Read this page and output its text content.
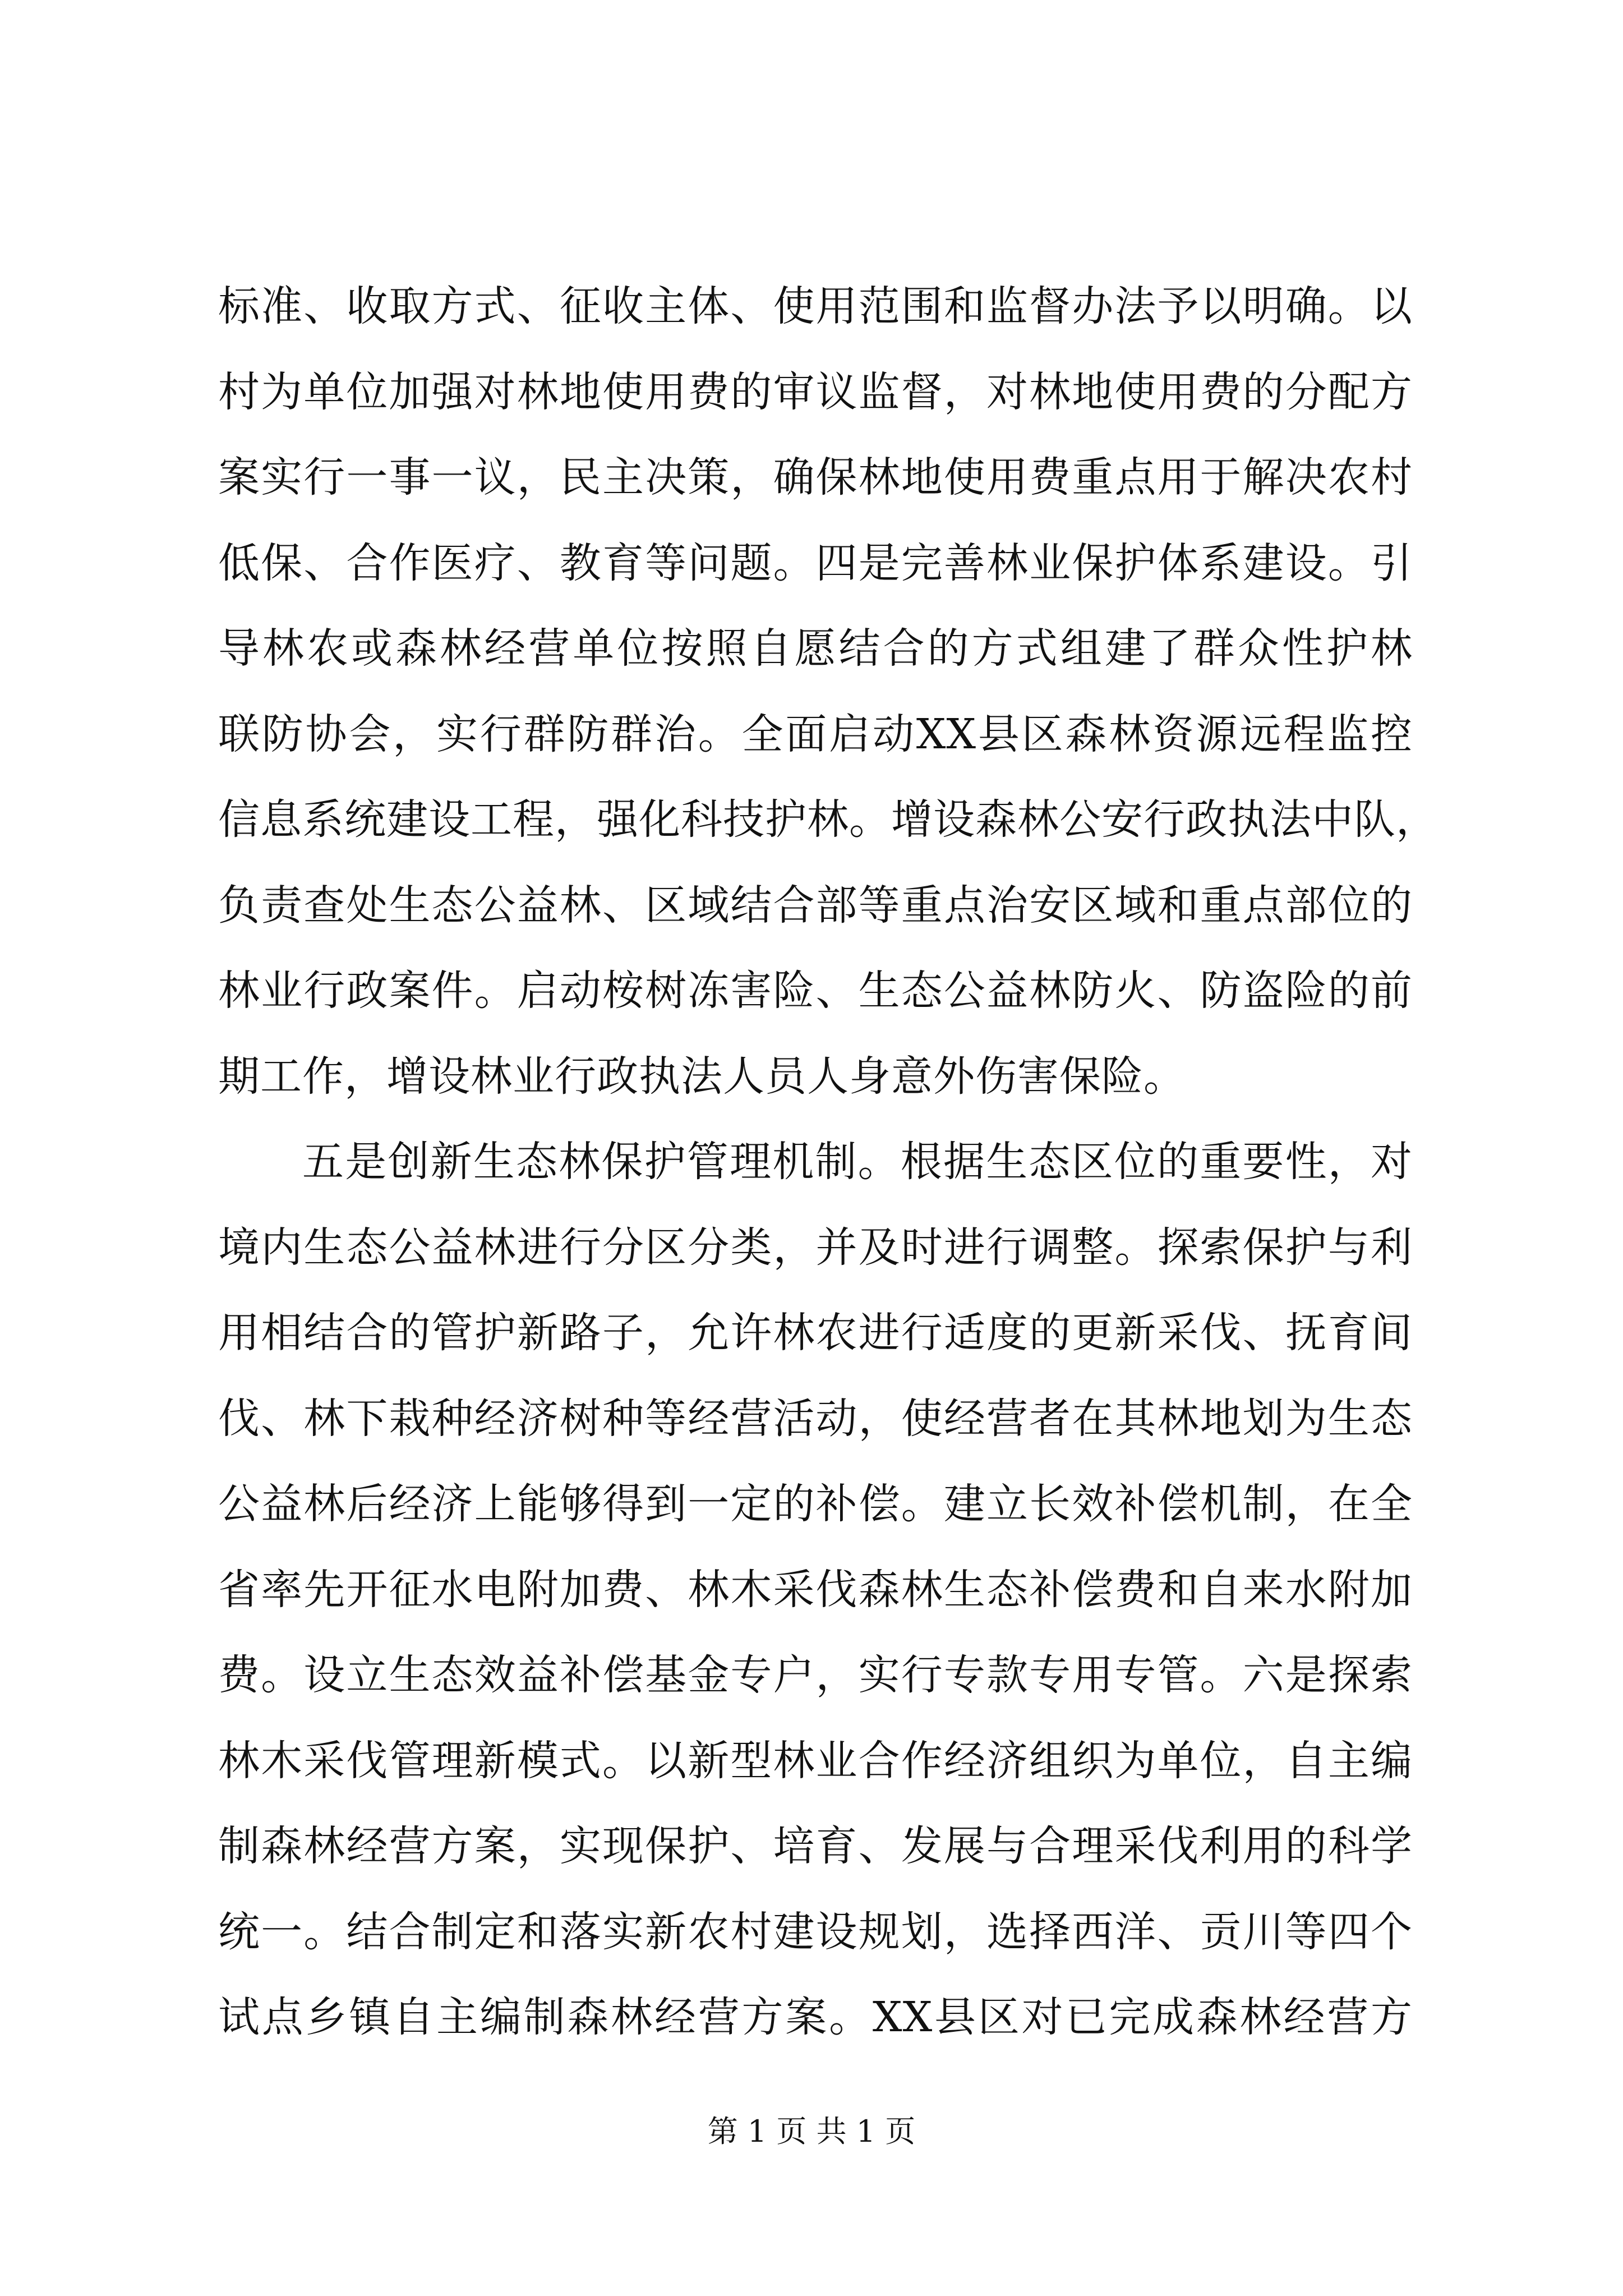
标准、收取方式、征收主体、使用范围和监督办法予以明确。以
村为单位加强对林地使用费的审议监督，对林地使用费的分配方
案实行一事一议，民主决策，确保林地使用费重点用于解决农村
低保、合作医疗、教育等问题。四是完善林业保护体系建设。引
导林农或森林经营单位按照自愿结合的方式组建了群众性护林
联防协会，实行群防群治。全面启动XX县区森林资源远程监控
信息系统建设工程，强化科技护林。增设森林公安行政执法中队，
负责查处生态公益林、区域结合部等重点治安区域和重点部位的
林业行政案件。启动桉树冻害险、生态公益林防火、防盗险的前
期工作，增设林业行政执法人员人身意外伤害保险。
五是创新生态林保护管理机制。根据生态区位的重要性，对
境内生态公益林进行分区分类，并及时进行调整。探索保护与利
用相结合的管护新路子，允许林农进行适度的更新采伐、抚育间
伐、林下栽种经济树种等经营活动，使经营者在其林地划为生态
公益林后经济上能够得到一定的补偿。建立长效补偿机制，在全
省率先开征水电附加费、林木采伐森林生态补偿费和自来水附加
费。设立生态效益补偿基金专户，实行专款专用专管。六是探索
林木采伐管理新模式。以新型林业合作经济组织为单位，自主编
制森林经营方案，实现保护、培育、发展与合理采伐利用的科学
统一。结合制定和落实新农村建设规划，选择西洋、贡川等四个
试点乡镇自主编制森林经营方案。XX县区对已完成森林经营方
第 1 页 共 1 页
